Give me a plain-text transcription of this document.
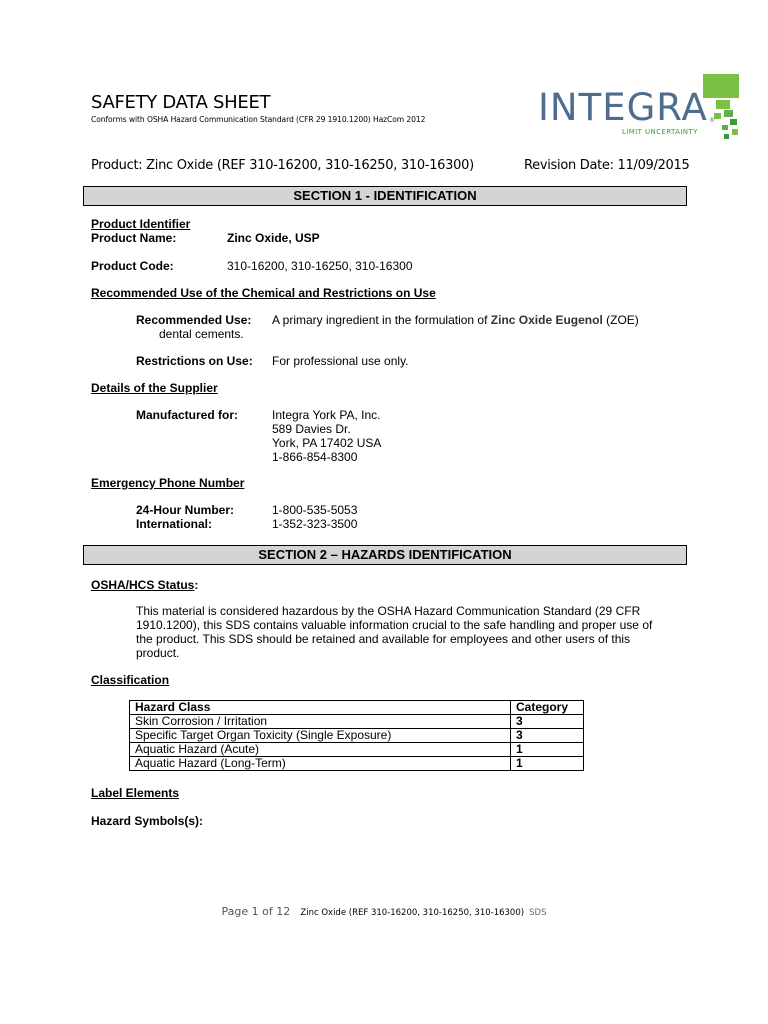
SAFETY DATA SHEET
Conforms with OSHA Hazard Communication Standard (CFR 29 1910.1200) HazCom 2012	INTEGRA
LIMIT UNCERTAINTY
®
Product: Zinc Oxide (REF 310-16200, 310-16250, 310-16300)	Revision Date: 11/09/2015
SECTION 1 - IDENTIFICATION
Product Identifier
Product Name:	Zinc Oxide, USP
Product Code:	310-16200, 310-16250, 310-16300
Recommended Use of the Chemical and Restrictions on Use
Recommended Use: A primary ingredient in the formulation of Zinc Oxide Eugenol (ZOE)
dental cements.
Restrictions on Use: For professional use only.
Details of the Supplier
Manufactured for:	Integra York PA, Inc.
589 Davies Dr.
York, PA 17402 USA
1-866-854-8300
Emergency Phone Number
24-Hour Number:	1-800-535-5053
International:	1-352-323-3500
SECTION 2 – HAZARDS IDENTIFICATION
OSHA/HCS Status:
This material is considered hazardous by the OSHA Hazard Communication Standard (29 CFR
1910.1200), this SDS contains valuable information crucial to the safe handling and proper use of
the product. This SDS should be retained and available for employees and other users of this
product.
Classification
Hazard Class	Category
Skin Corrosion / Irritation	3
Specific Target Organ Toxicity (Single Exposure)	3
Aquatic Hazard (Acute)	1
Aquatic Hazard (Long-Term)	1
Label Elements
Hazard Symbols(s):
Page 1 of 12 Zinc Oxide (REF 310-16200, 310-16250, 310-16300) SDS
